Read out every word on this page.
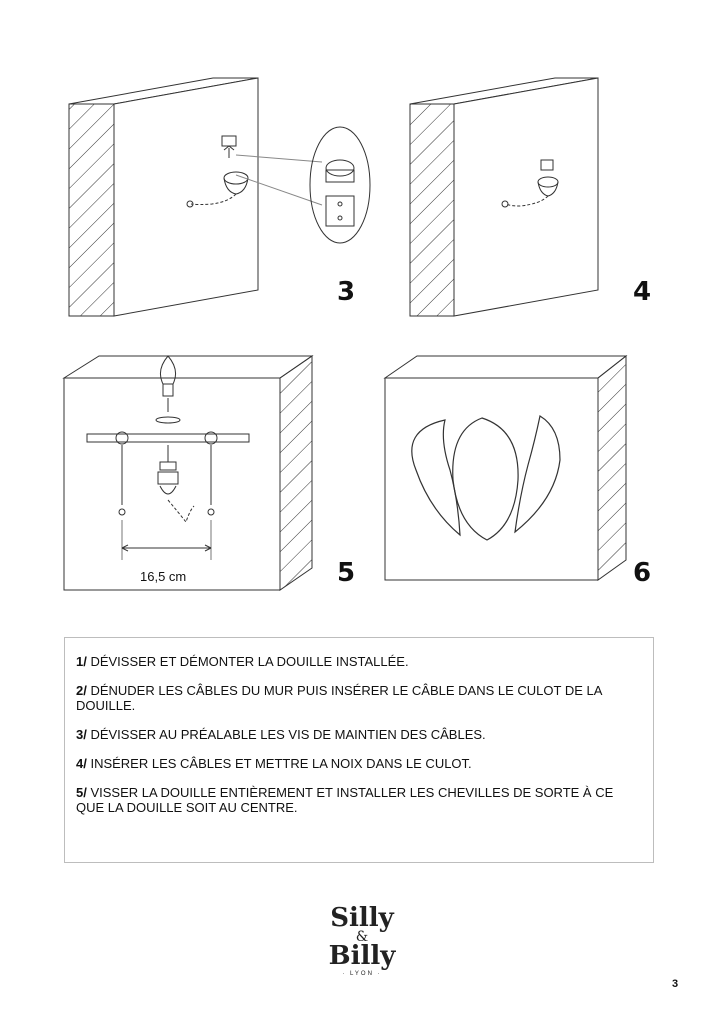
3	4
5	6
16,5 cm

1/ DÉVISSER ET DÉMONTER LA DOUILLE INSTALLÉE.

2/ DÉNUDER LES CÂBLES DU MUR PUIS INSÉRER LE CÂBLE DANS LE CULOT DE LA DOUILLE.

3/ DÉVISSER AU PRÉALABLE LES VIS DE MAINTIEN DES CÂBLES.

4/ INSÉRER LES CÂBLES ET METTRE LA NOIX DANS LE CULOT.

5/ VISSER LA DOUILLE ENTIÈREMENT ET INSTALLER LES CHEVILLES DE SORTE À CE QUE LA DOUILLE SOIT AU CENTRE.

Silly
&
Billy
· LYON ·
3
